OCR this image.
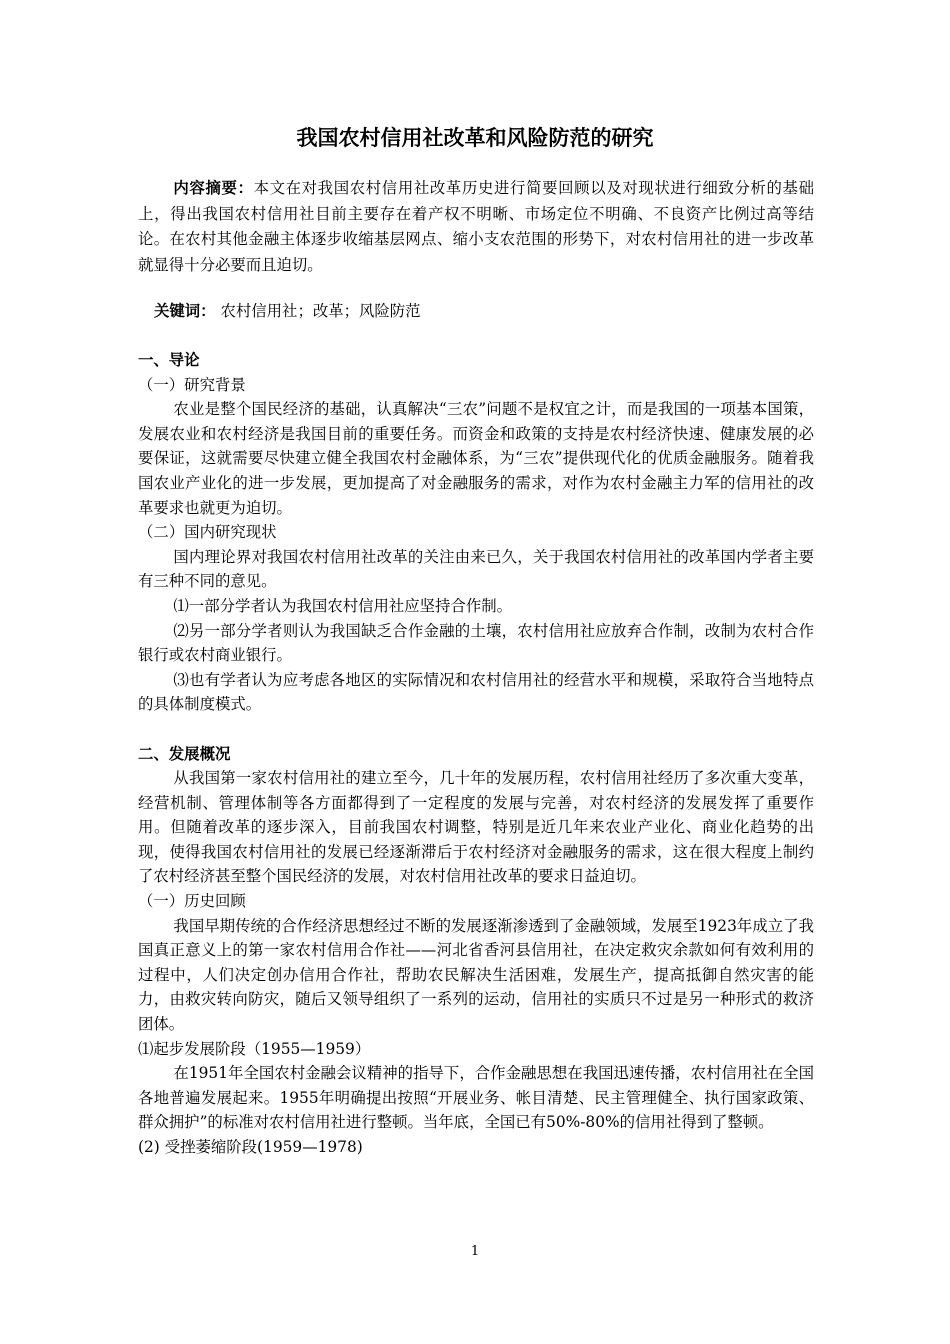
我国农村信用社改革和风险防范的研究
内容摘要：本文在对我国农村信用社改革历史进行简要回顾以及对现状进行细致分析的基础上，得出我国农村信用社目前主要存在着产权不明晰、市场定位不明确、不良资产比例过高等结论。在农村其他金融主体逐步收缩基层网点、缩小支农范围的形势下，对农村信用社的进一步改革就显得十分必要而且迫切。
关键词： 农村信用社；改革；风险防范
一、导论
（一）研究背景

农业是整个国民经济的基础，认真解决“三农”问题不是权宜之计，而是我国的一项基本国策，发展农业和农村经济是我国目前的重要任务。而资金和政策的支持是农村经济快速、健康发展的必要保证，这就需要尽快建立健全我国农村金融体系，为“三农”提供现代化的优质金融服务。随着我国农业产业化的进一步发展，更加提高了对金融服务的需求，对作为农村金融主力军的信用社的改革要求也就更为迫切。

（二）国内研究现状

国内理论界对我国农村信用社改革的关注由来已久，关于我国农村信用社的改革国内学者主要有三种不同的意见。

⑴一部分学者认为我国农村信用社应坚持合作制。

⑵另一部分学者则认为我国缺乏合作金融的土壤，农村信用社应放弃合作制，改制为农村合作银行或农村商业银行。

⑶也有学者认为应考虑各地区的实际情况和农村信用社的经营水平和规模，采取符合当地特点的具体制度模式。

二、发展概况

从我国第一家农村信用社的建立至今，几十年的发展历程，农村信用社经历了多次重大变革，经营机制、管理体制等各方面都得到了一定程度的发展与完善，对农村经济的发展发挥了重要作用。但随着改革的逐步深入，目前我国农村调整，特别是近几年来农业产业化、商业化趋势的出现，使得我国农村信用社的发展已经逐渐滞后于农村经济对金融服务的需求，这在很大程度上制约了农村经济甚至整个国民经济的发展，对农村信用社改革的要求日益迫切。

（一）历史回顾

我国早期传统的合作经济思想经过不断的发展逐渐渗透到了金融领域，发展至1923年成立了我国真正意义上的第一家农村信用合作社——河北省香河县信用社，在决定救灾余款如何有效利用的过程中，人们决定创办信用合作社，帮助农民解决生活困难，发展生产，提高抵御自然灾害的能力，由救灾转向防灾，随后又领导组织了一系列的运动，信用社的实质只不过是另一种形式的救济团体。

⑴起步发展阶段（1955—1959）

在1951年全国农村金融会议精神的指导下，合作金融思想在我国迅速传播，农村信用社在全国各地普遍发展起来。1955年明确提出按照“开展业务、帐目清楚、民主管理健全、执行国家政策、群众拥护”的标准对农村信用社进行整顿。当年底，全国已有50%-80%的信用社得到了整顿。

(2) 受挫萎缩阶段(1959—1978)
1
